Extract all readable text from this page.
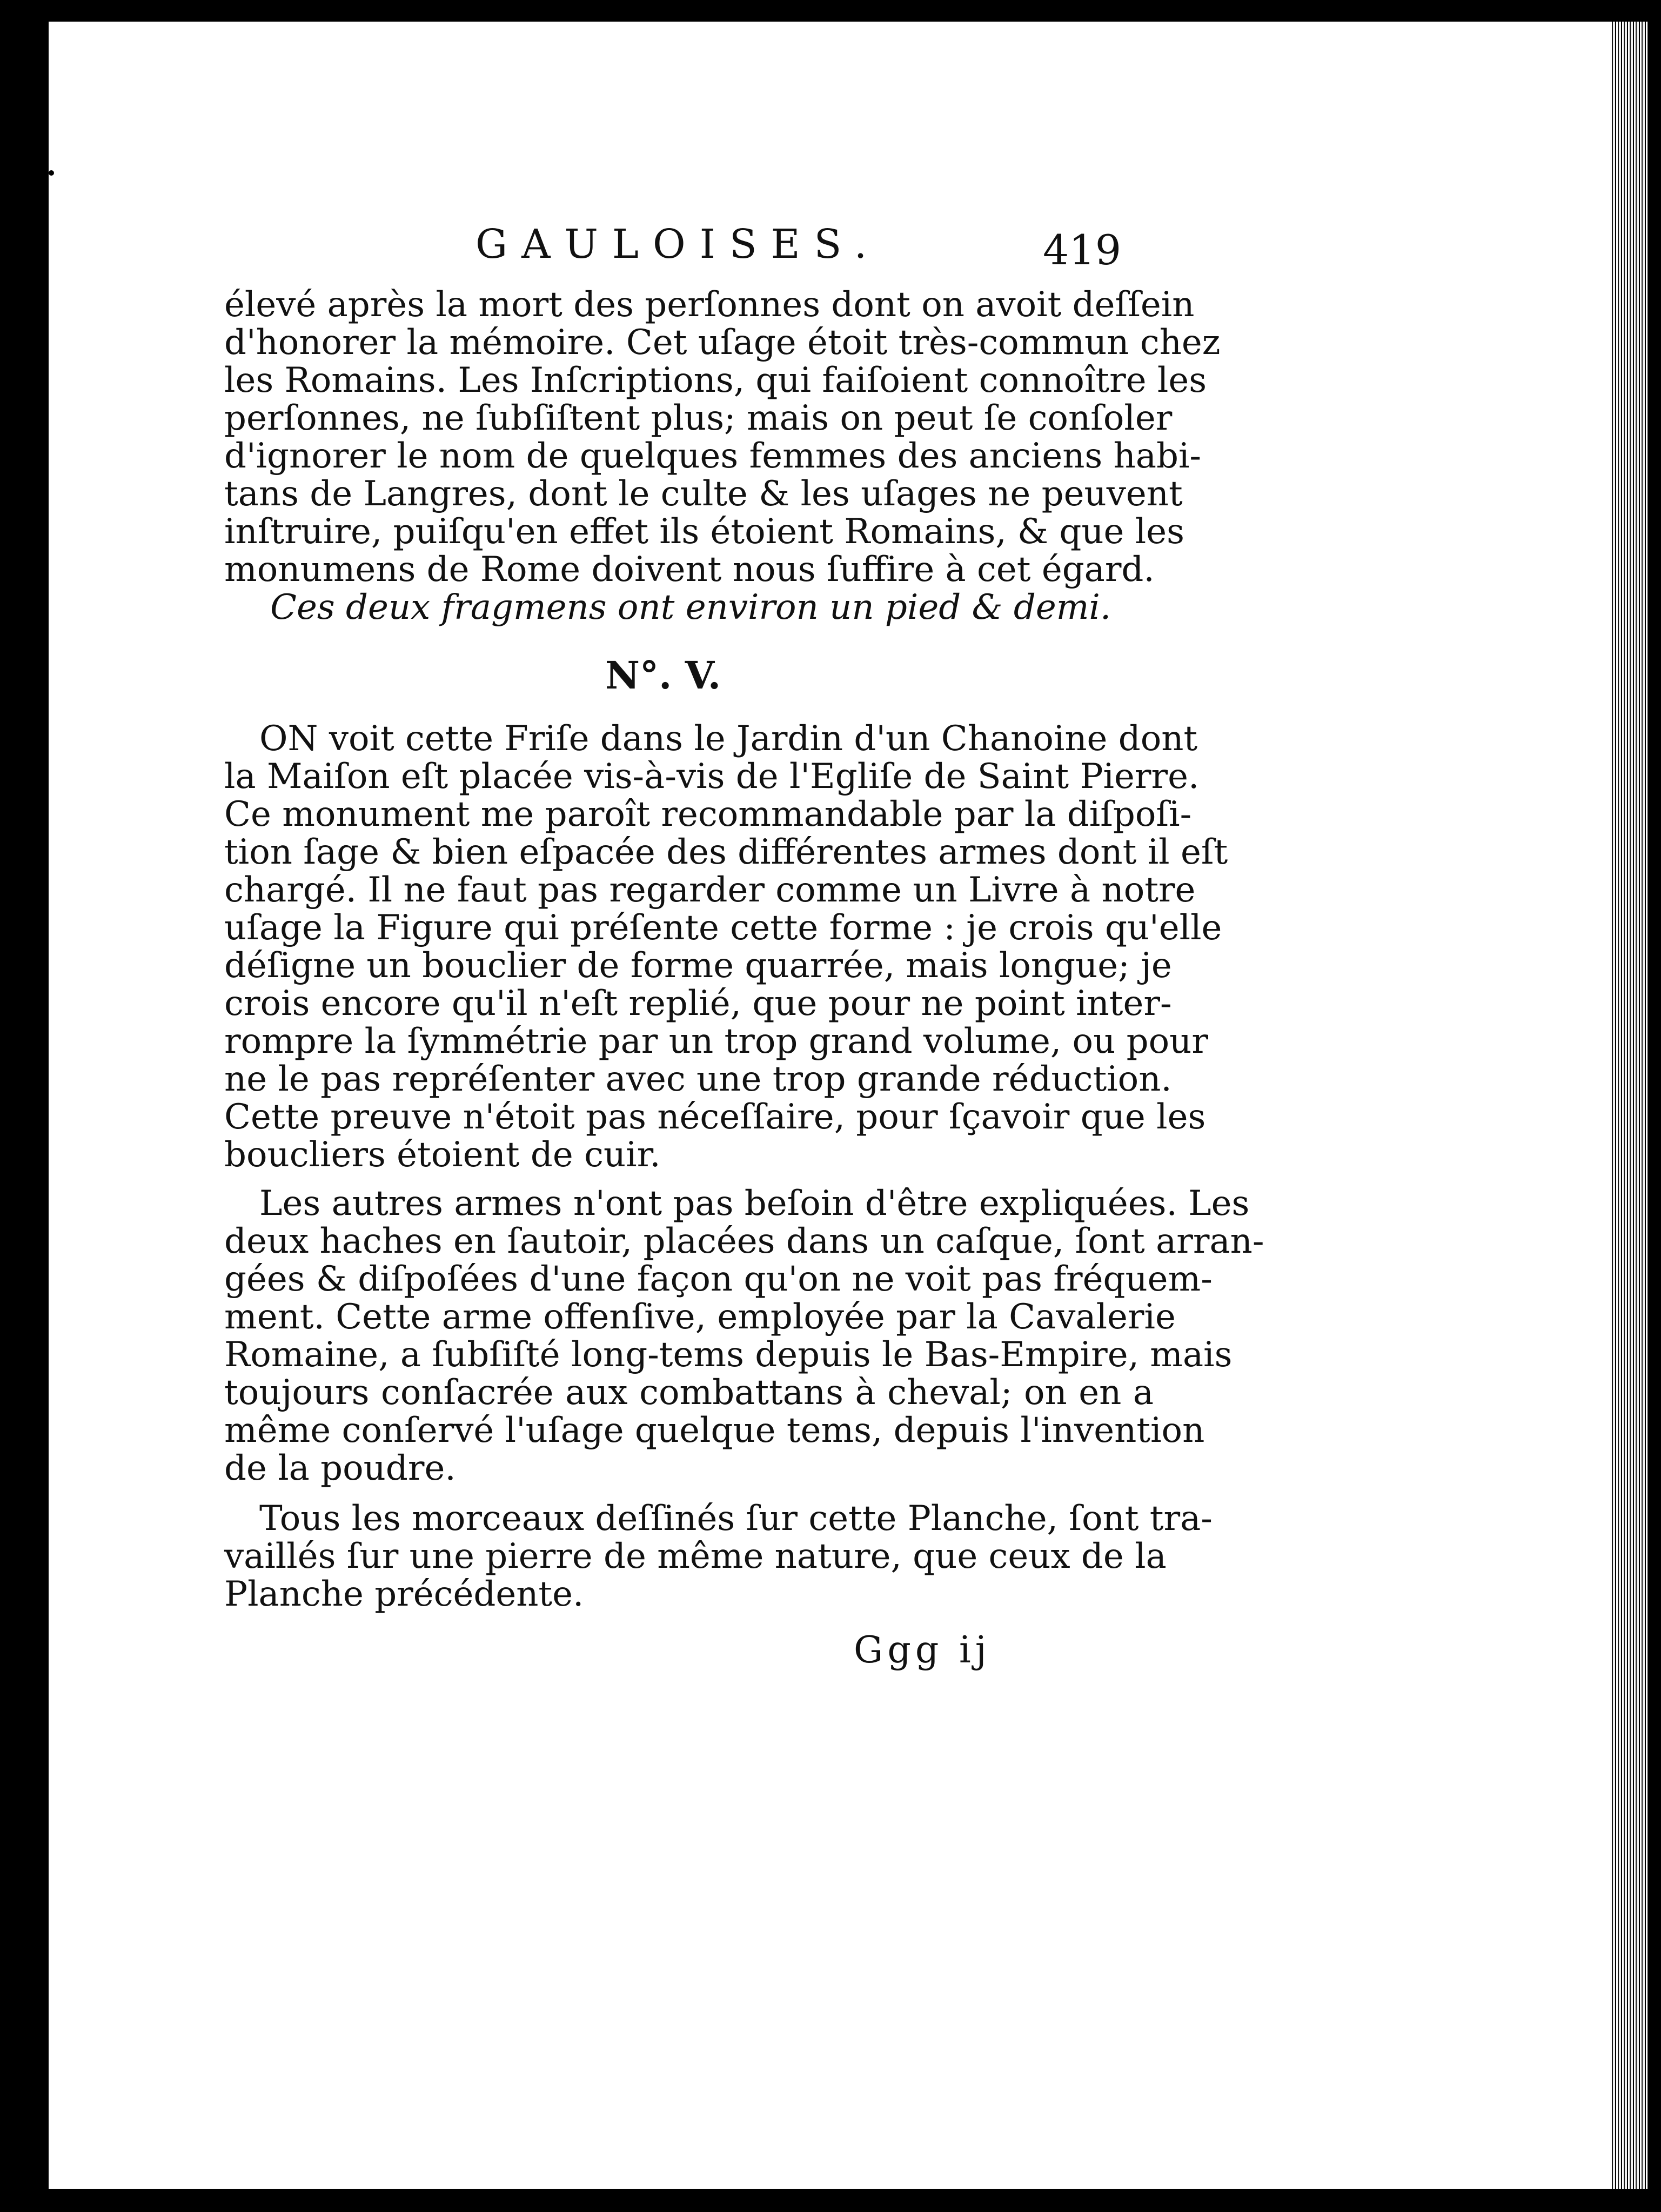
GAULOISES.	419
élevé après la mort des perſonnes dont on avoit deſſein
d'honorer la mémoire. Cet uſage étoit très-commun chez
les Romains. Les Inſcriptions, qui faiſoient connoître les
perſonnes, ne ſubſiſtent plus; mais on peut ſe conſoler
d'ignorer le nom de quelques femmes des anciens habi-
tans de Langres, dont le culte & les uſages ne peuvent
inſtruire, puiſqu'en effet ils étoient Romains, & que les
monumens de Rome doivent nous ſuffire à cet égard.
Ces deux fragmens ont environ un pied & demi.
N°. V.
ON voit cette Friſe dans le Jardin d'un Chanoine dont
la Maiſon eſt placée vis-à-vis de l'Egliſe de Saint Pierre.
Ce monument me paroît recommandable par la diſpoſi-
tion ſage & bien eſpacée des différentes armes dont il eſt
chargé. Il ne faut pas regarder comme un Livre à notre
uſage la Figure qui préſente cette forme : je crois qu'elle
déſigne un bouclier de forme quarrée, mais longue; je
crois encore qu'il n'eſt replié, que pour ne point inter-
rompre la ſymmétrie par un trop grand volume, ou pour
ne le pas repréſenter avec une trop grande réduction.
Cette preuve n'étoit pas néceſſaire, pour ſçavoir que les
boucliers étoient de cuir.
Les autres armes n'ont pas beſoin d'être expliquées. Les
deux haches en ſautoir, placées dans un caſque, ſont arran-
gées & diſpoſées d'une façon qu'on ne voit pas fréquem-
ment. Cette arme offenſive, employée par la Cavalerie
Romaine, a ſubſiſté long-tems depuis le Bas-Empire, mais
toujours conſacrée aux combattans à cheval; on en a
même conſervé l'uſage quelque tems, depuis l'invention
de la poudre.
Tous les morceaux deſſinés ſur cette Planche, ſont tra-
vaillés ſur une pierre de même nature, que ceux de la
Planche précédente.
Ggg ij
